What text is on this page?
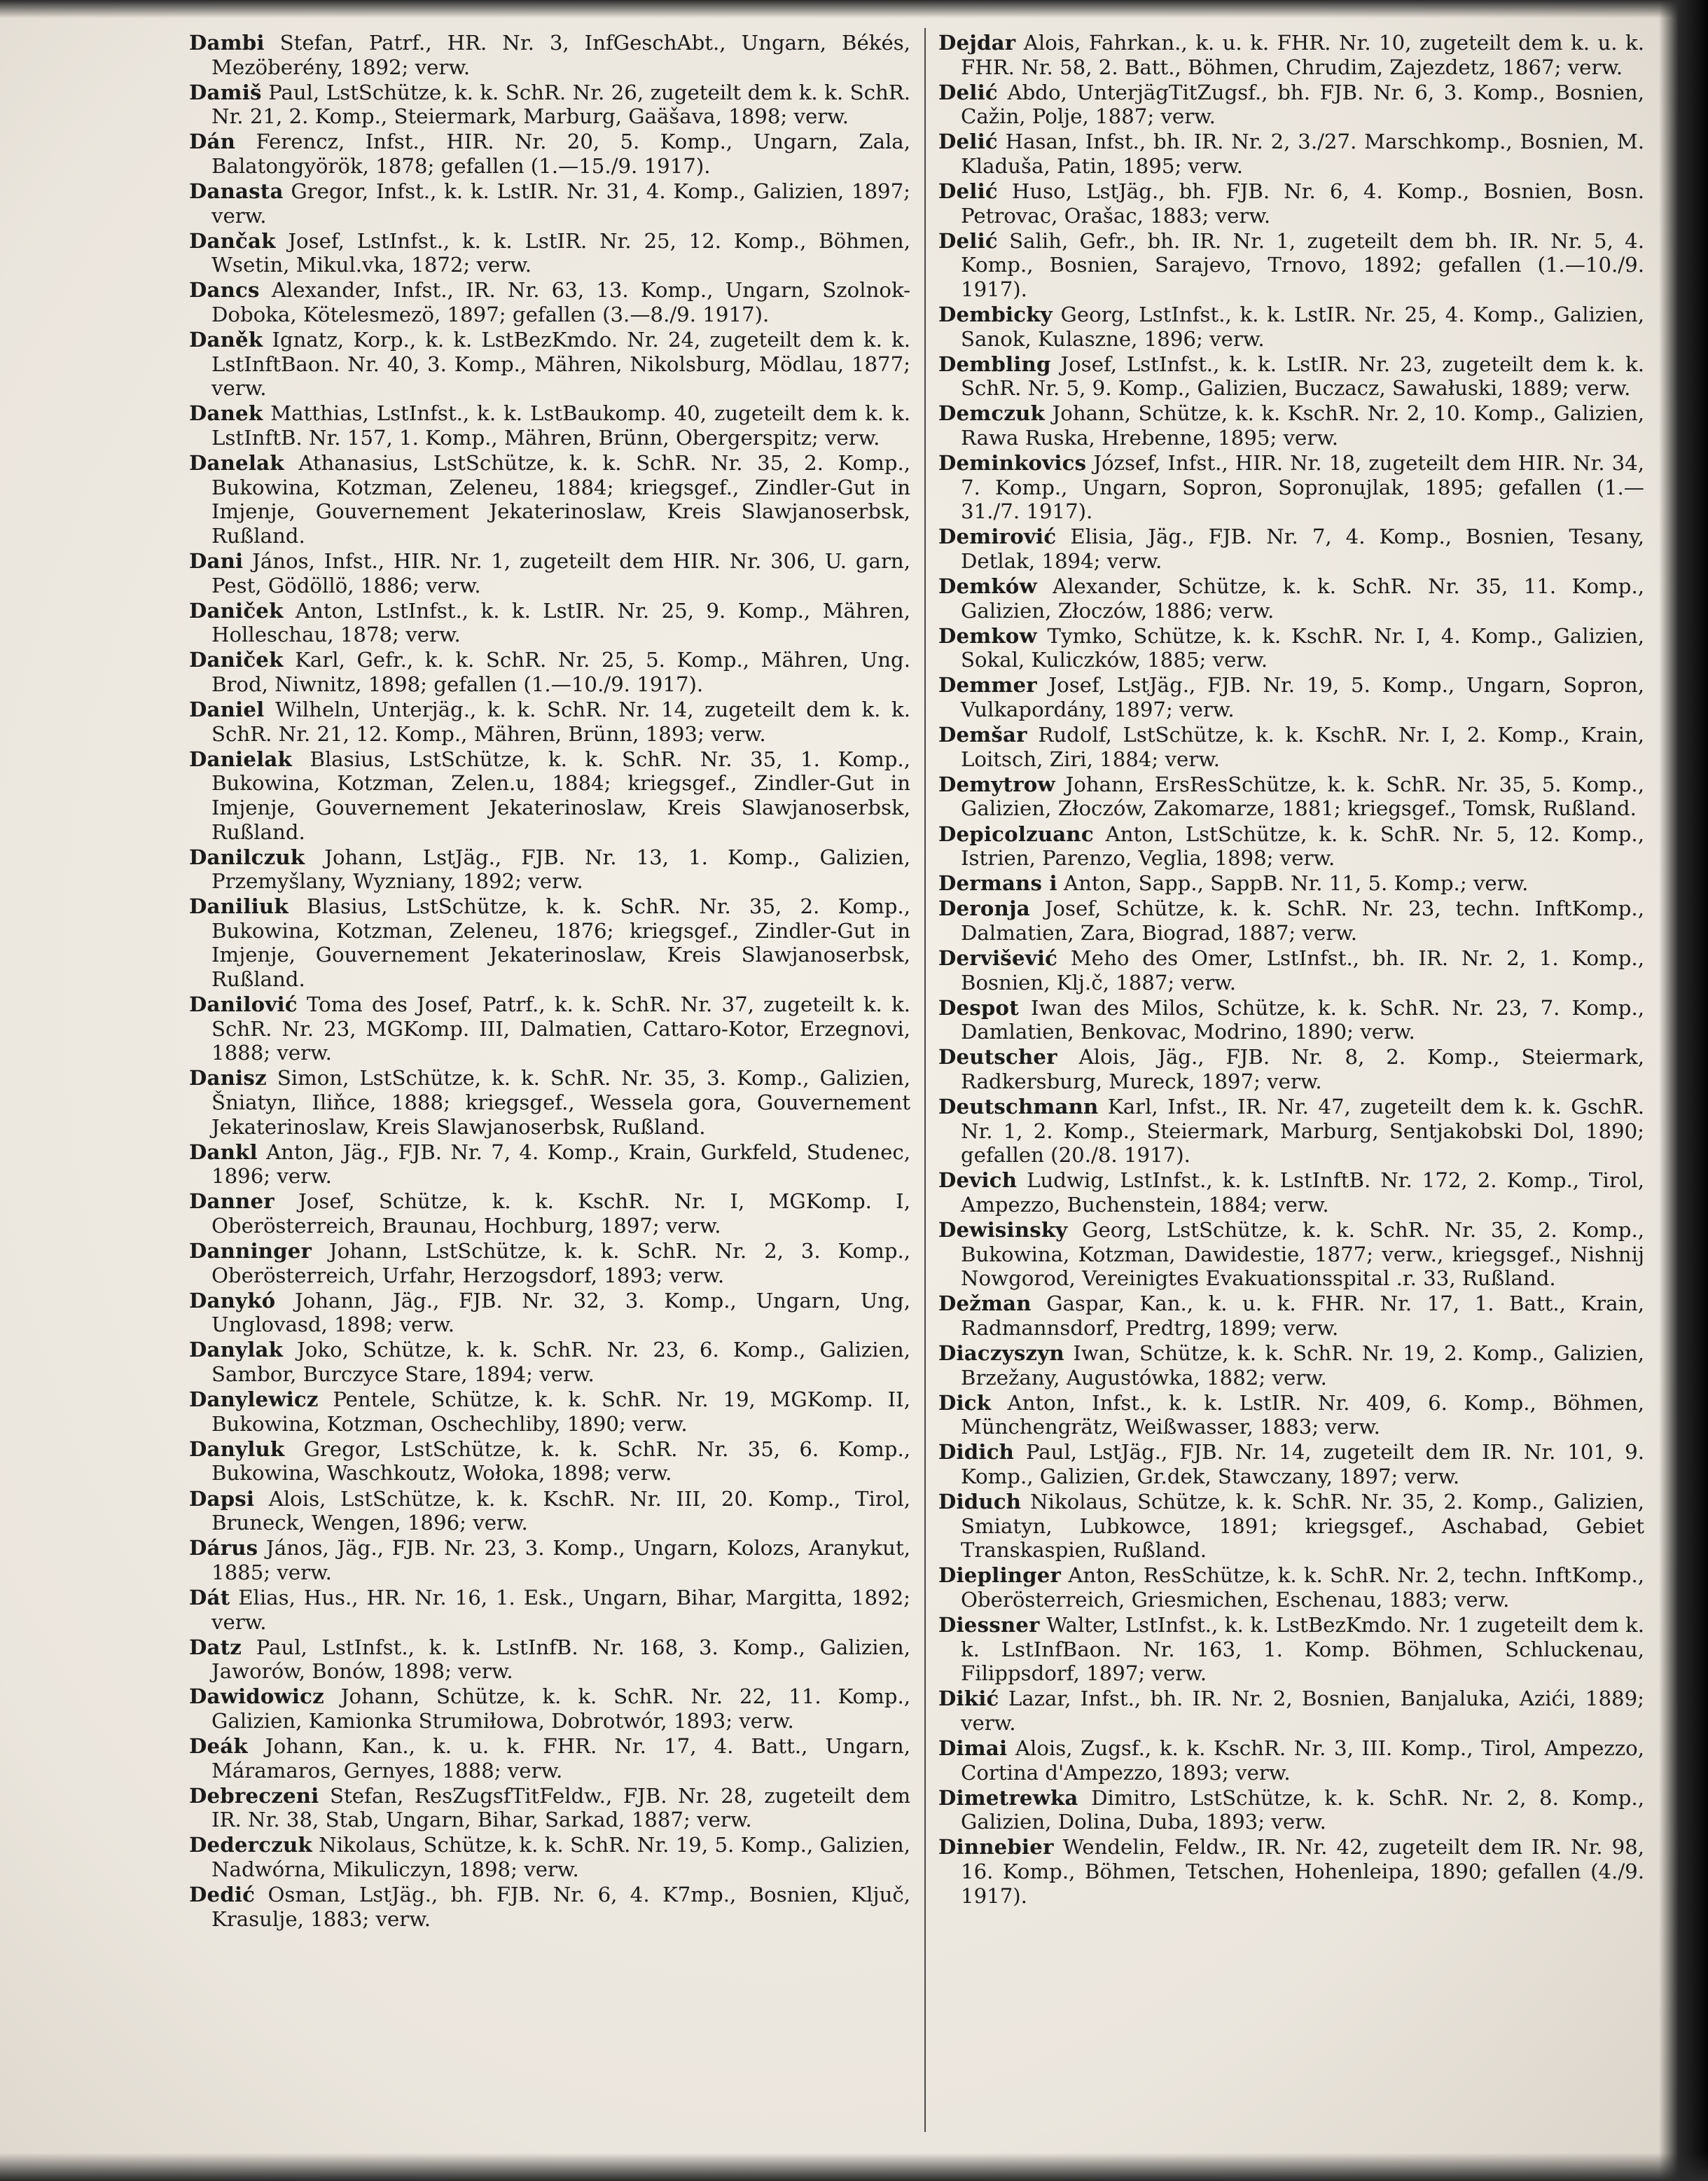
Dambi Stefan, Patrf., HR. Nr. 3, InfGeschAbt., Ungarn, Békés, Mezöberény, 1892; verw.

Damiš Paul, LstSchütze, k. k. SchR. Nr. 26, zugeteilt dem k. k. SchR. Nr. 21, 2. Komp., Steiermark, Marburg, Gaäšava, 1898; verw.

Dán Ferencz, Infst., HIR. Nr. 20, 5. Komp., Ungarn, Zala, Balatongyörök, 1878; gefallen (1.—15./9. 1917).

Danasta Gregor, Infst., k. k. LstIR. Nr. 31, 4. Komp., Galizien, 1897; verw.

Dančak Josef, LstInfst., k. k. LstIR. Nr. 25, 12. Komp., Böhmen, Wsetin, Mikul.vka, 1872; verw.

Dancs Alexander, Infst., IR. Nr. 63, 13. Komp., Ungarn, Szolnok-Doboka, Kötelesmezö, 1897; gefallen (3.—8./9. 1917).

Daněk Ignatz, Korp., k. k. LstBezKmdo. Nr. 24, zugeteilt dem k. k. LstInftBaon. Nr. 40, 3. Komp., Mähren, Nikolsburg, Mödlau, 1877; verw.

Danek Matthias, LstInfst., k. k. LstBaukomp. 40, zugeteilt dem k. k. LstInftB. Nr. 157, 1. Komp., Mähren, Brünn, Obergerspitz; verw.

Danelak Athanasius, LstSchütze, k. k. SchR. Nr. 35, 2. Komp., Bukowina, Kotzman, Zeleneu, 1884; kriegsgef., Zindler-Gut in Imjenje, Gouvernement Jekaterinoslaw, Kreis Slawjanoserbsk, Rußland.

Dani János, Infst., HIR. Nr. 1, zugeteilt dem HIR. Nr. 306, U. garn, Pest, Gödöllö, 1886; verw.

Daniček Anton, LstInfst., k. k. LstIR. Nr. 25, 9. Komp., Mähren, Holleschau, 1878; verw.

Daniček Karl, Gefr., k. k. SchR. Nr. 25, 5. Komp., Mähren, Ung. Brod, Niwnitz, 1898; gefallen (1.—10./9. 1917).

Daniel Wilheln, Unterjäg., k. k. SchR. Nr. 14, zugeteilt dem k. k. SchR. Nr. 21, 12. Komp., Mähren, Brünn, 1893; verw.

Danielak Blasius, LstSchütze, k. k. SchR. Nr. 35, 1. Komp., Bukowina, Kotzman, Zelen.u, 1884; kriegsgef., Zindler-Gut in Imjenje, Gouvernement Jekaterinoslaw, Kreis Slawjanoserbsk, Rußland.

Danilczuk Johann, LstJäg., FJB. Nr. 13, 1. Komp., Galizien, Przemyšlany, Wyzniany, 1892; verw.

Daniliuk Blasius, LstSchütze, k. k. SchR. Nr. 35, 2. Komp., Bukowina, Kotzman, Zeleneu, 1876; kriegsgef., Zindler-Gut in Imjenje, Gouvernement Jekaterinoslaw, Kreis Slawjanoserbsk, Rußland.

Danilović Toma des Josef, Patrf., k. k. SchR. Nr. 37, zugeteilt k. k. SchR. Nr. 23, MGKomp. III, Dalmatien, Cattaro-Kotor, Erzegnovi, 1888; verw.

Danisz Simon, LstSchütze, k. k. SchR. Nr. 35, 3. Komp., Galizien, Šniatyn, Iliňce, 1888; kriegsgef., Wessela gora, Gouvernement Jekaterinoslaw, Kreis Slawjanoserbsk, Rußland.

Dankl Anton, Jäg., FJB. Nr. 7, 4. Komp., Krain, Gurkfeld, Studenec, 1896; verw.

Danner Josef, Schütze, k. k. KschR. Nr. I, MGKomp. I, Oberösterreich, Braunau, Hochburg, 1897; verw.

Danninger Johann, LstSchütze, k. k. SchR. Nr. 2, 3. Komp., Oberösterreich, Urfahr, Herzogsdorf, 1893; verw.

Danykó Johann, Jäg., FJB. Nr. 32, 3. Komp., Ungarn, Ung, Unglovasd, 1898; verw.

Danylak Joko, Schütze, k. k. SchR. Nr. 23, 6. Komp., Galizien, Sambor, Burczyce Stare, 1894; verw.

Danylewicz Pentele, Schütze, k. k. SchR. Nr. 19, MGKomp. II, Bukowina, Kotzman, Oschechliby, 1890; verw.

Danyluk Gregor, LstSchütze, k. k. SchR. Nr. 35, 6. Komp., Bukowina, Waschkoutz, Wołoka, 1898; verw.

Dapsi Alois, LstSchütze, k. k. KschR. Nr. III, 20. Komp., Tirol, Bruneck, Wengen, 1896; verw.

Dárus János, Jäg., FJB. Nr. 23, 3. Komp., Ungarn, Kolozs, Aranykut, 1885; verw.

Dát Elias, Hus., HR. Nr. 16, 1. Esk., Ungarn, Bihar, Margitta, 1892; verw.

Datz Paul, LstInfst., k. k. LstInfB. Nr. 168, 3. Komp., Galizien, Jaworów, Bonów, 1898; verw.

Dawidowicz Johann, Schütze, k. k. SchR. Nr. 22, 11. Komp., Galizien, Kamionka Strumiłowa, Dobrotwór, 1893; verw.

Deák Johann, Kan., k. u. k. FHR. Nr. 17, 4. Batt., Ungarn, Máramaros, Gernyes, 1888; verw.

Debreczeni Stefan, ResZugsfTitFeldw., FJB. Nr. 28, zugeteilt dem IR. Nr. 38, Stab, Ungarn, Bihar, Sarkad, 1887; verw.

Dederczuk Nikolaus, Schütze, k. k. SchR. Nr. 19, 5. Komp., Galizien, Nadwórna, Mikuliczyn, 1898; verw.

Dedić Osman, LstJäg., bh. FJB. Nr. 6, 4. K7mp., Bosnien, Ključ, Krasulje, 1883; verw.

Dejdar Alois, Fahrkan., k. u. k. FHR. Nr. 10, zugeteilt dem k. u. k. FHR. Nr. 58, 2. Batt., Böhmen, Chrudim, Zajezdetz, 1867; verw.

Delić Abdo, UnterjägTitZugsf., bh. FJB. Nr. 6, 3. Komp., Bosnien, Cažin, Polje, 1887; verw.

Delić Hasan, Infst., bh. IR. Nr. 2, 3./27. Marschkomp., Bosnien, M. Kladuša, Patin, 1895; verw.

Delić Huso, LstJäg., bh. FJB. Nr. 6, 4. Komp., Bosnien, Bosn. Petrovac, Orašac, 1883; verw.

Delić Salih, Gefr., bh. IR. Nr. 1, zugeteilt dem bh. IR. Nr. 5, 4. Komp., Bosnien, Sarajevo, Trnovo, 1892; gefallen (1.—10./9. 1917).

Dembicky Georg, LstInfst., k. k. LstIR. Nr. 25, 4. Komp., Galizien, Sanok, Kulaszne, 1896; verw.

Dembling Josef, LstInfst., k. k. LstIR. Nr. 23, zugeteilt dem k. k. SchR. Nr. 5, 9. Komp., Galizien, Buczacz, Sawałuski, 1889; verw.

Demczuk Johann, Schütze, k. k. KschR. Nr. 2, 10. Komp., Galizien, Rawa Ruska, Hrebenne, 1895; verw.

Deminkovics József, Infst., HIR. Nr. 18, zugeteilt dem HIR. Nr. 34, 7. Komp., Ungarn, Sopron, Sopronujlak, 1895; gefallen (1.—31./7. 1917).

Demirović Elisia, Jäg., FJB. Nr. 7, 4. Komp., Bosnien, Tesany, Detlak, 1894; verw.

Demków Alexander, Schütze, k. k. SchR. Nr. 35, 11. Komp., Galizien, Złoczów, 1886; verw.

Demkow Tymko, Schütze, k. k. KschR. Nr. I, 4. Komp., Galizien, Sokal, Kuliczków, 1885; verw.

Demmer Josef, LstJäg., FJB. Nr. 19, 5. Komp., Ungarn, Sopron, Vulkapordány, 1897; verw.

Demšar Rudolf, LstSchütze, k. k. KschR. Nr. I, 2. Komp., Krain, Loitsch, Ziri, 1884; verw.

Demytrow Johann, ErsResSchütze, k. k. SchR. Nr. 35, 5. Komp., Galizien, Złoczów, Zakomarze, 1881; kriegsgef., Tomsk, Rußland.

Depicolzuanc Anton, LstSchütze, k. k. SchR. Nr. 5, 12. Komp., Istrien, Parenzo, Veglia, 1898; verw.

Dermans i Anton, Sapp., SappB. Nr. 11, 5. Komp.; verw.

Deronja Josef, Schütze, k. k. SchR. Nr. 23, techn. InftKomp., Dalmatien, Zara, Biograd, 1887; verw.

Dervišević Meho des Omer, LstInfst., bh. IR. Nr. 2, 1. Komp., Bosnien, Klj.č, 1887; verw.

Despot Iwan des Milos, Schütze, k. k. SchR. Nr. 23, 7. Komp., Damlatien, Benkovac, Modrino, 1890; verw.

Deutscher Alois, Jäg., FJB. Nr. 8, 2. Komp., Steiermark, Radkersburg, Mureck, 1897; verw.

Deutschmann Karl, Infst., IR. Nr. 47, zugeteilt dem k. k. GschR. Nr. 1, 2. Komp., Steiermark, Marburg, Sentjakobski Dol, 1890; gefallen (20./8. 1917).

Devich Ludwig, LstInfst., k. k. LstInftB. Nr. 172, 2. Komp., Tirol, Ampezzo, Buchenstein, 1884; verw.

Dewisinsky Georg, LstSchütze, k. k. SchR. Nr. 35, 2. Komp., Bukowina, Kotzman, Dawidestie, 1877; verw., kriegsgef., Nishnij Nowgorod, Vereinigtes Evakuationsspital .r. 33, Rußland.

Dežman Gaspar, Kan., k. u. k. FHR. Nr. 17, 1. Batt., Krain, Radmannsdorf, Predtrg, 1899; verw.

Diaczyszyn Iwan, Schütze, k. k. SchR. Nr. 19, 2. Komp., Galizien, Brzežany, Augustówka, 1882; verw.

Dick Anton, Infst., k. k. LstIR. Nr. 409, 6. Komp., Böhmen, Münchengrätz, Weißwasser, 1883; verw.

Didich Paul, LstJäg., FJB. Nr. 14, zugeteilt dem IR. Nr. 101, 9. Komp., Galizien, Gr.dek, Stawczany, 1897; verw.

Diduch Nikolaus, Schütze, k. k. SchR. Nr. 35, 2. Komp., Galizien, Smiatyn, Lubkowce, 1891; kriegsgef., Aschabad, Gebiet Transkaspien, Rußland.

Dieplinger Anton, ResSchütze, k. k. SchR. Nr. 2, techn. InftKomp., Oberösterreich, Griesmichen, Eschenau, 1883; verw.

Diessner Walter, LstInfst., k. k. LstBezKmdo. Nr. 1 zugeteilt dem k. k. LstInfBaon. Nr. 163, 1. Komp. Böhmen, Schluckenau, Filippsdorf, 1897; verw.

Dikić Lazar, Infst., bh. IR. Nr. 2, Bosnien, Banjaluka, Azići, 1889; verw.

Dimai Alois, Zugsf., k. k. KschR. Nr. 3, III. Komp., Tirol, Ampezzo, Cortina d'Ampezzo, 1893; verw.

Dimetrewka Dimitro, LstSchütze, k. k. SchR. Nr. 2, 8. Komp., Galizien, Dolina, Duba, 1893; verw.

Dinnebier Wendelin, Feldw., IR. Nr. 42, zugeteilt dem IR. Nr. 98, 16. Komp., Böhmen, Tetschen, Hohenleipa, 1890; gefallen (4./9. 1917).
